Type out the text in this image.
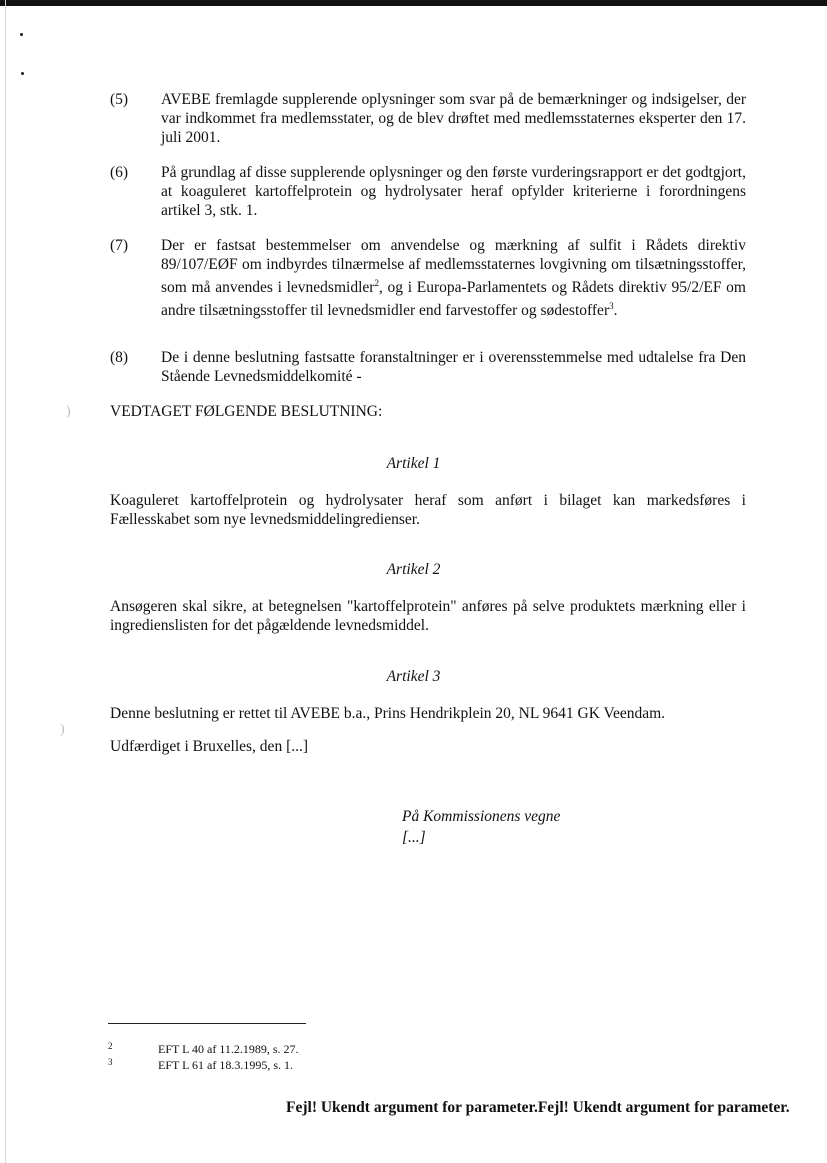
)
)
(5) AVEBE fremlagde supplerende oplysninger som svar på de bemærkninger og indsigelser, der var indkommet fra medlemsstater, og de blev drøftet med medlemsstaternes eksperter den 17. juli 2001.
(6) På grundlag af disse supplerende oplysninger og den første vurderingsrapport er det godtgjort, at koaguleret kartoffelprotein og hydrolysater heraf opfylder kriterierne i forordningens artikel 3, stk. 1.
(7) Der er fastsat bestemmelser om anvendelse og mærkning af sulfit i Rådets direktiv 89/107/EØF om indbyrdes tilnærmelse af medlemsstaternes lovgivning om tilsætningsstoffer, som må anvendes i levnedsmidler$^2$, og i Europa-Parlamentets og Rådets direktiv 95/2/EF om andre tilsætningsstoffer til levnedsmidler end farvestoffer og sødestoffer$^3$.
(8) De i denne beslutning fastsatte foranstaltninger er i overensstemmelse med udtalelse fra Den Stående Levnedsmiddelkomité -
VEDTAGET FØLGENDE BESLUTNING:
Artikel 1
Koaguleret kartoffelprotein og hydrolysater heraf som anført i bilaget kan markedsføres i Fællesskabet som nye levnedsmiddelingredienser.
Artikel 2
Ansøgeren skal sikre, at betegnelsen "kartoffelprotein" anføres på selve produktets mærkning eller i ingredienslisten for det pågældende levnedsmiddel.
Artikel 3
Denne beslutning er rettet til AVEBE b.a., Prins Hendrikplein 20, NL 9641 GK Veendam.
Udfærdiget i Bruxelles, den [...]
På Kommissionens vegne
[...]
2	EFT L 40 af 11.2.1989, s. 27.
3	EFT L 61 af 18.3.1995, s. 1.
Fejl! Ukendt argument for parameter.Fejl! Ukendt argument for parameter.
